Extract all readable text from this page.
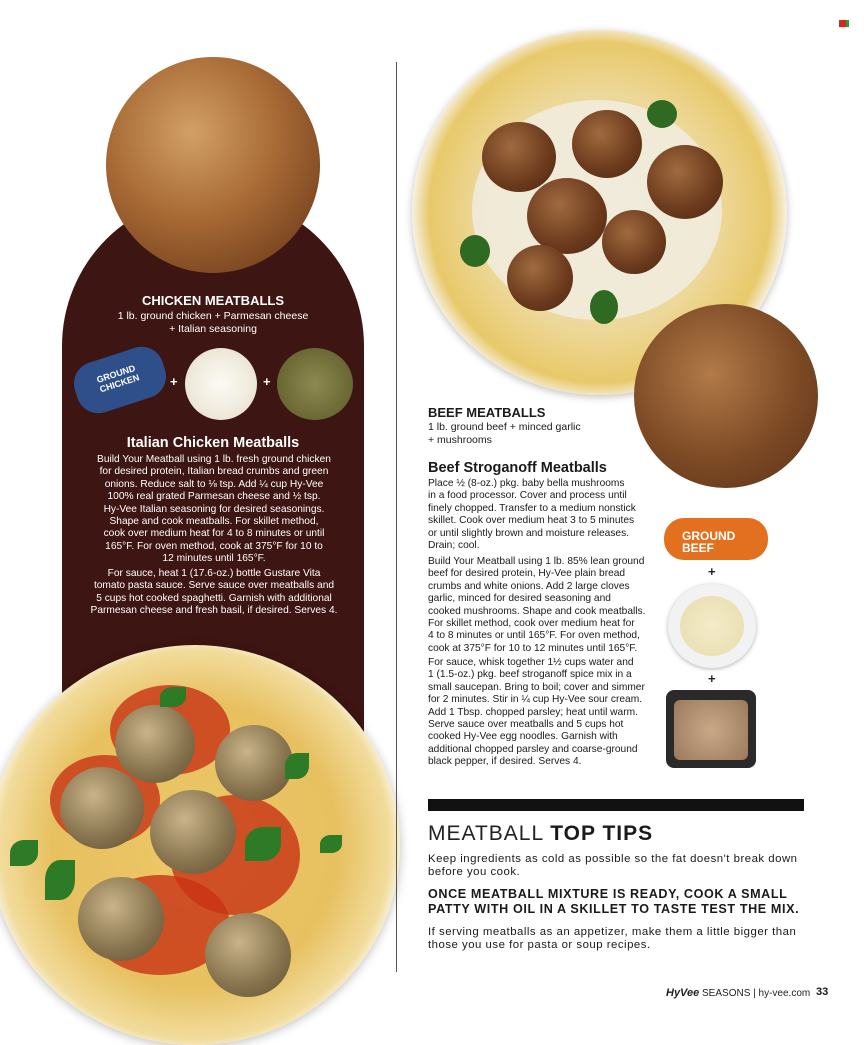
CHICKEN MEATBALLS
1 lb. ground chicken + Parmesan cheese
+ Italian seasoning
GROUND CHICKEN	+	+
Italian Chicken Meatballs
Build Your Meatball using 1 lb. fresh ground chicken
for desired protein, Italian bread crumbs and green
onions. Reduce salt to ⅛ tsp. Add ¼ cup Hy-Vee
100% real grated Parmesan cheese and ½ tsp.
Hy-Vee Italian seasoning for desired seasonings.
Shape and cook meatballs. For skillet method,
cook over medium heat for 4 to 8 minutes or until
165°F. For oven method, cook at 375°F for 10 to
12 minutes until 165°F.
For sauce, heat 1 (17.6-oz.) bottle Gustare Vita
tomato pasta sauce. Serve sauce over meatballs and
5 cups hot cooked spaghetti. Garnish with additional
Parmesan cheese and fresh basil, if desired. Serves 4.
BEEF MEATBALLS
1 lb. ground beef + minced garlic
+ mushrooms
Beef Stroganoff Meatballs
Place ½ (8-oz.) pkg. baby bella mushrooms
in a food processor. Cover and process until
finely chopped. Transfer to a medium nonstick
skillet. Cook over medium heat 3 to 5 minutes
or until slightly brown and moisture releases.
Drain; cool.
Build Your Meatball using 1 lb. 85% lean ground
beef for desired protein, Hy-Vee plain bread
crumbs and white onions. Add 2 large cloves
garlic, minced for desired seasoning and
cooked mushrooms. Shape and cook meatballs.
For skillet method, cook over medium heat for
4 to 8 minutes or until 165°F. For oven method,
cook at 375°F for 10 to 12 minutes until 165°F.
For sauce, whisk together 1½ cups water and
1 (1.5-oz.) pkg. beef stroganoff spice mix in a
small saucepan. Bring to boil; cover and simmer
for 2 minutes. Stir in ¼ cup Hy-Vee sour cream.
Add 1 Tbsp. chopped parsley; heat until warm.
Serve sauce over meatballs and 5 cups hot
cooked Hy-Vee egg noodles. Garnish with
additional chopped parsley and coarse-ground
black pepper, if desired. Serves 4.
GROUND BEEF
+
+
MEATBALL TOP TIPS
Keep ingredients as cold as possible so the fat doesn't break down before you cook.
ONCE MEATBALL MIXTURE IS READY, COOK A SMALL PATTY WITH OIL IN A SKILLET TO TASTE TEST THE MIX.
If serving meatballs as an appetizer, make them a little bigger than those you use for pasta or soup recipes.
HyVee SEASONS | hy-vee.com 33
